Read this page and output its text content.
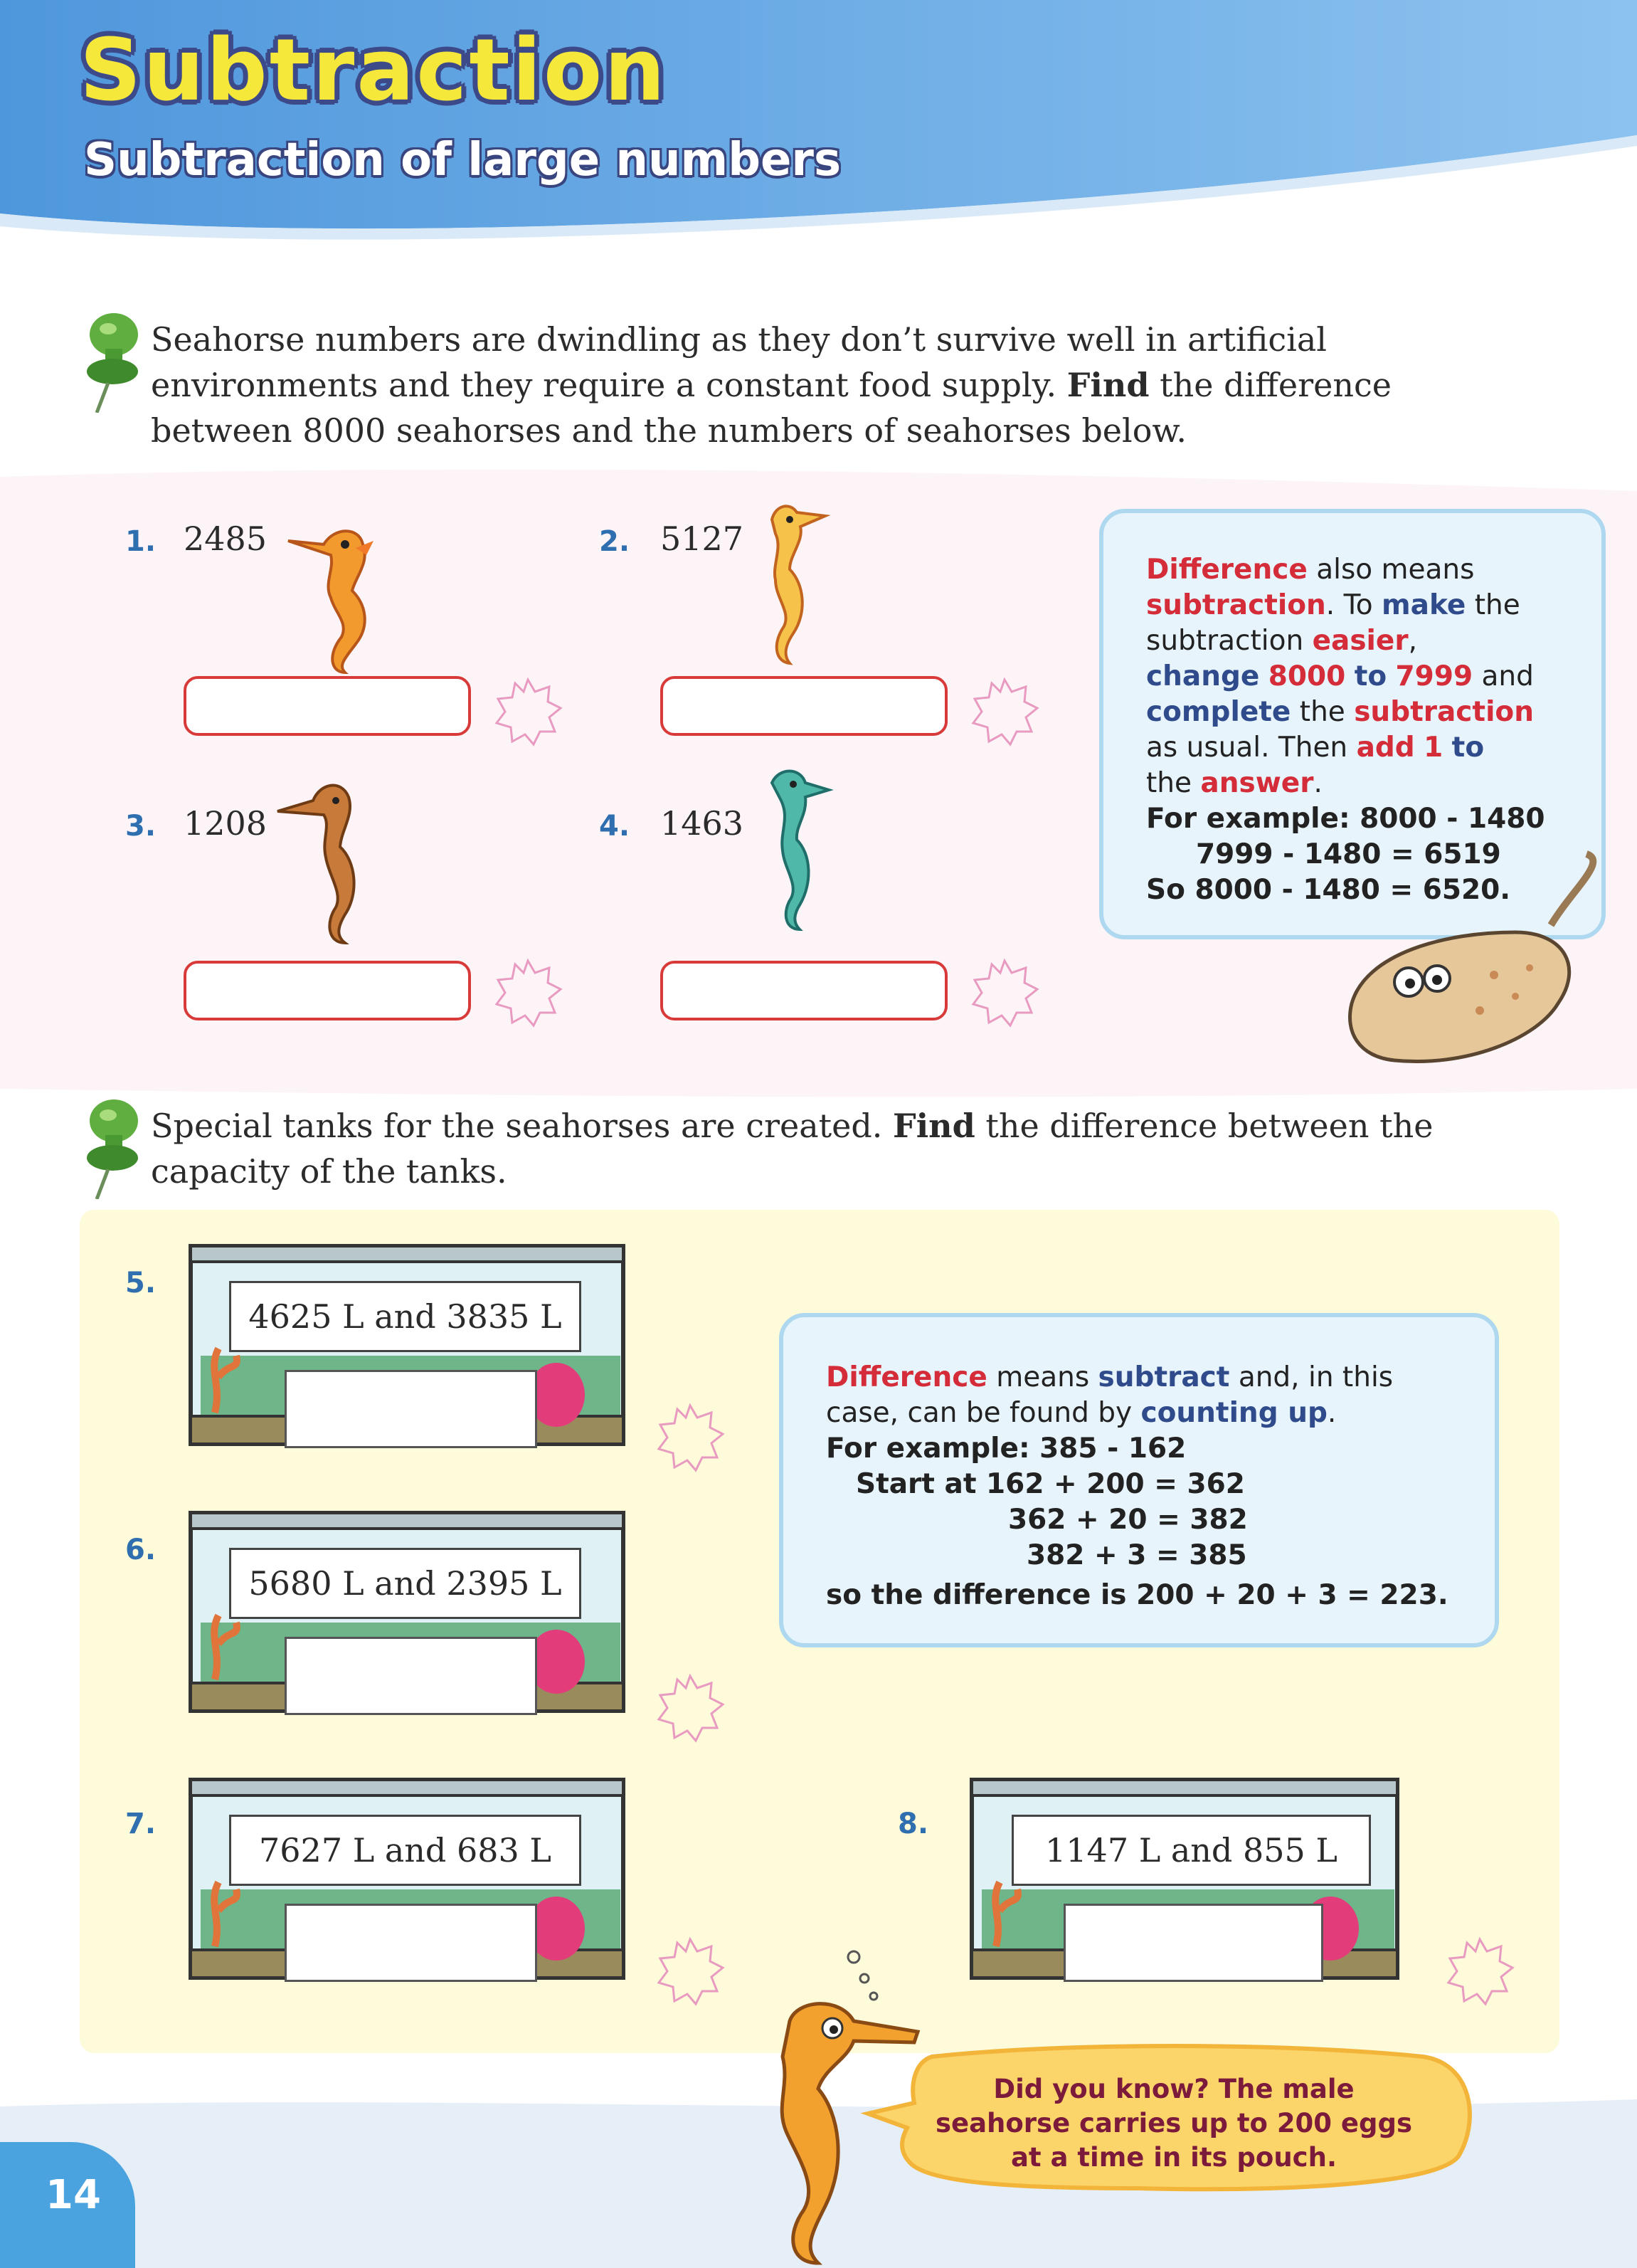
Subtraction
Subtraction of large numbers
Seahorse numbers are dwindling as they don’t survive well in artificial environments and they require a constant food supply. Find the difference between 8000 seahorses and the numbers of seahorses below.
1. 2485	2. 5127
3. 1208	4. 1463
Difference also means
subtraction. To make the
subtraction easier,
change 8000 to 7999 and
complete the subtraction
as usual. Then add 1 to
the answer.
For example: 8000 - 1480
7999 - 1480 = 6519
So 8000 - 1480 = 6520.
Special tanks for the seahorses are created. Find the difference between the capacity of the tanks.
5.
4625 L and 3835 L
6.
5680 L and 2395 L
7.
7627 L and 683 L
8.
1147 L and 855 L
Difference means subtract and, in this
case, can be found by counting up.
For example: 385 - 162
Start at 162 + 200 = 362
362 + 20 = 382
382 + 3 = 385
so the difference is 200 + 20 + 3 = 223.
14
Did you know? The male
seahorse carries up to 200 eggs
at a time in its pouch.
